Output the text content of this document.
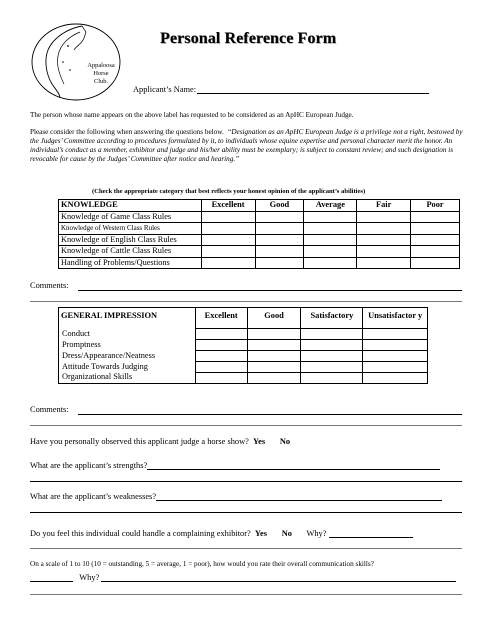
Appaloosa
Horse
Club.
Personal Reference Form
Applicant’s Name:
The person whose name appears on the above label has requested to be considered as an ApHC European Judge.
Please consider the following when answering the questions below. “Designation as an ApHC European Judge is a privilege not a right, bestowed by the Judges’ Committee according to procedures formulated by it, to individuals whose equine expertise and personal character merit the honor. An individual’s conduct as a member, exhibitor and judge and his/her ability must be exemplary; is subject to constant review; and such designation is revocable for cause by the Judges’ Committee after notice and hearing.”
(Check the appropriate category that best reflects your honest opinion of the applicant’s abilities)
KNOWLEDGE	Excellent	Good	Average	Fair	Poor
Knowledge of Game Class Rules					
Knowledge of Western Class Rules					
Knowledge of English Class Rules					
Knowledge of Cattle Class Rules					
Handling of Problems/Questions					
Comments:
GENERAL IMPRESSION	Excellent	Good	Satisfactory	Unsatisfactor y
Conduct				
Promptness				
Dress/Appearance/Neatness				
Attitude Towards Judging				
Organizational Skills				
Comments:
Have you personally observed this applicant judge a horse show? Yes No
What are the applicant’s strengths?
What are the applicant’s weaknesses?
Do you feel this individual could handle a complaining exhibitor? Yes No Why?
On a scale of 1 to 10 (10 = outstanding, 5 = average, 1 = poor), how would you rate their overall communication skills?
Why?
